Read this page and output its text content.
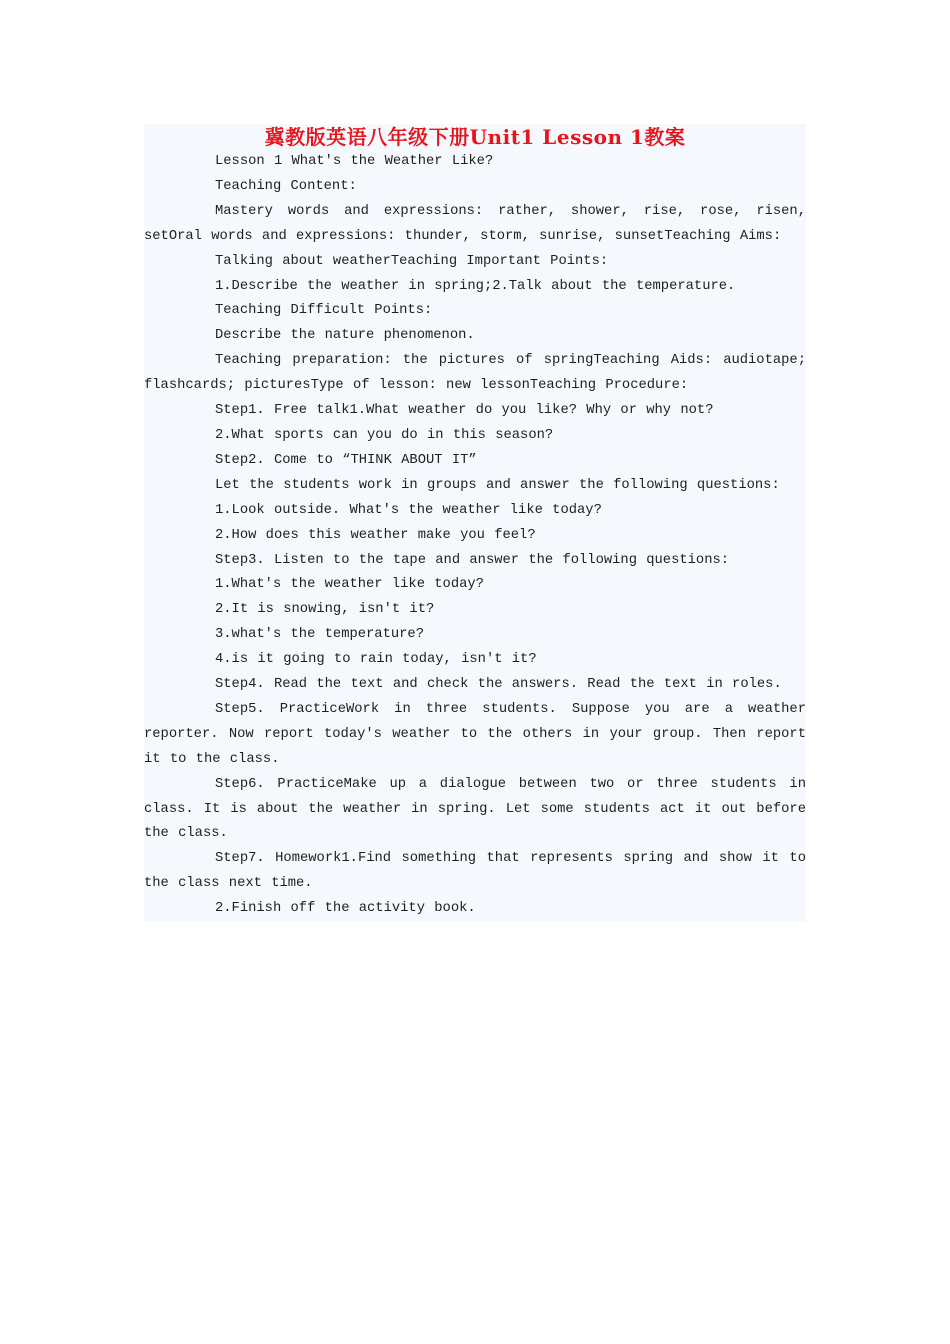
冀教版英语八年级下册Unit1 Lesson 1教案

Lesson 1 What's the Weather Like?

Teaching Content:

Mastery words and expressions: rather, shower, rise, rose, risen, setOral words and expressions: thunder, storm, sunrise, sunsetTeaching Aims:

Talking about weatherTeaching Important Points:

1.Describe the weather in spring;2.Talk about the temperature.

Teaching Difficult Points:

Describe the nature phenomenon.

Teaching preparation: the pictures of springTeaching Aids: audiotape; flashcards; picturesType of lesson: new lessonTeaching Procedure:

Step1. Free talk1.What weather do you like? Why or why not?

2.What sports can you do in this season?

Step2. Come to “THINK ABOUT IT”

Let the students work in groups and answer the following questions:

1.Look outside. What's the weather like today?

2.How does this weather make you feel?

Step3. Listen to the tape and answer the following questions:

1.What's the weather like today?

2.It is snowing, isn't it?

3.what's the temperature?

4.is it going to rain today, isn't it?

Step4. Read the text and check the answers. Read the text in roles.

Step5. PracticeWork in three students. Suppose you are a weather reporter. Now report today's weather to the others in your group. Then report it to the class.

Step6. PracticeMake up a dialogue between two or three students in class. It is about the weather in spring. Let some students act it out before the class.

Step7. Homework1.Find something that represents spring and show it to the class next time.

2.Finish off the activity book.
